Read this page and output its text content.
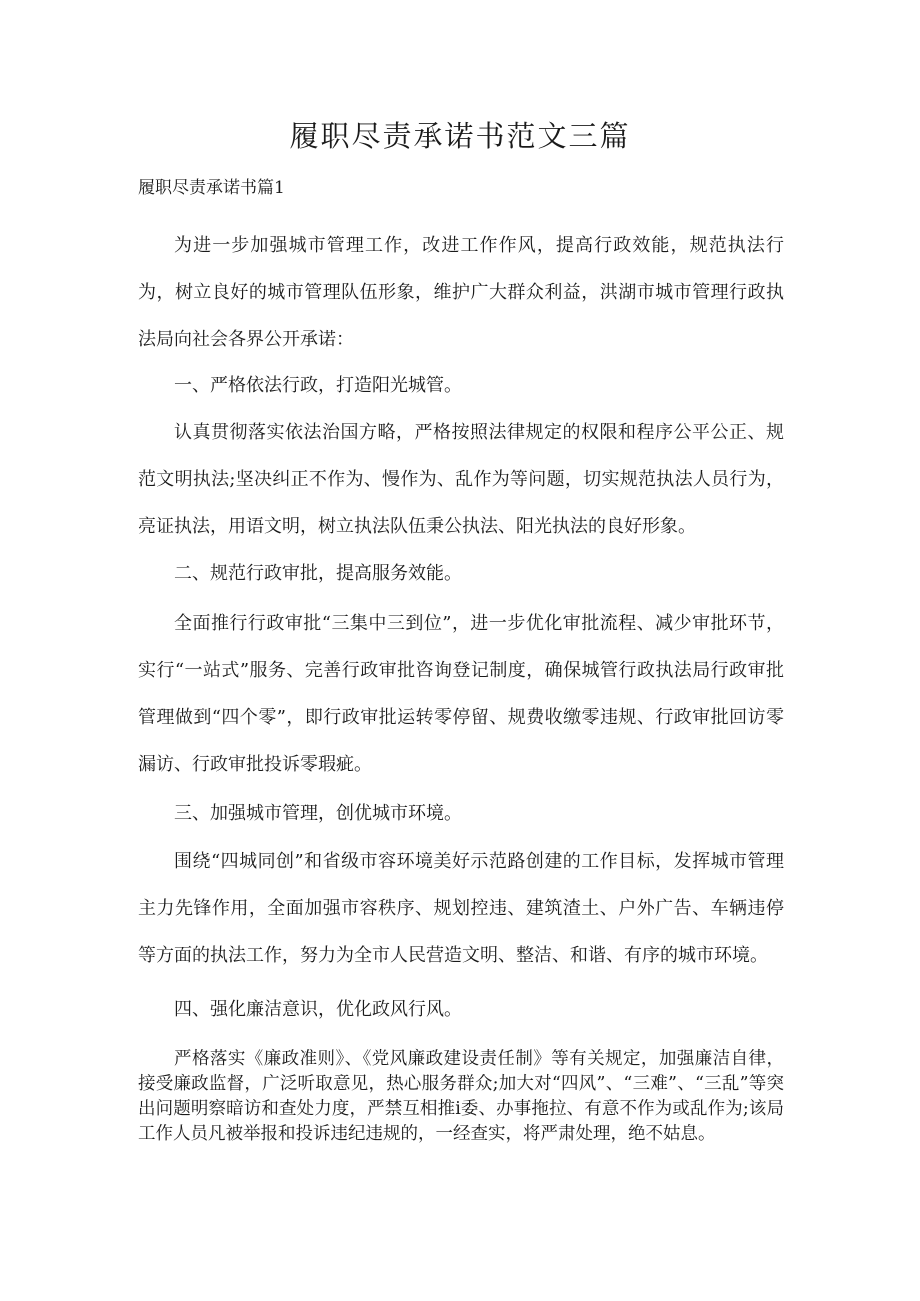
履职尽责承诺书范文三篇
履职尽责承诺书篇1

为进一步加强城市管理工作，改进工作作风，提高行政效能，规范执法行为，树立良好的城市管理队伍形象，维护广大群众利益，洪湖市城市管理行政执法局向社会各界公开承诺：

一、严格依法行政，打造阳光城管。

认真贯彻落实依法治国方略，严格按照法律规定的权限和程序公平公正、规范文明执法;坚决纠正不作为、慢作为、乱作为等问题，切实规范执法人员行为，亮证执法，用语文明，树立执法队伍秉公执法、阳光执法的良好形象。

二、规范行政审批，提高服务效能。

全面推行行政审批“三集中三到位”，进一步优化审批流程、减少审批环节，实行“一站式”服务、完善行政审批咨询登记制度，确保城管行政执法局行政审批管理做到“四个零”，即行政审批运转零停留、规费收缴零违规、行政审批回访零漏访、行政审批投诉零瑕疵。

三、加强城市管理，创优城市环境。

围绕“四城同创”和省级市容环境美好示范路创建的工作目标，发挥城市管理主力先锋作用，全面加强市容秩序、规划控违、建筑渣土、户外广告、车辆违停等方面的执法工作，努力为全市人民营造文明、整洁、和谐、有序的城市环境。

四、强化廉洁意识，优化政风行风。

严格落实《廉政准则》、《党风廉政建设责任制》等有关规定，加强廉洁自律，接受廉政监督，广泛听取意见，热心服务群众;加大对“四风”、“三难”、“三乱”等突出问题明察暗访和查处力度，严禁互相推i委、办事拖拉、有意不作为或乱作为;该局工作人员凡被举报和投诉违纪违规的，一经查实，将严肃处理，绝不姑息。
